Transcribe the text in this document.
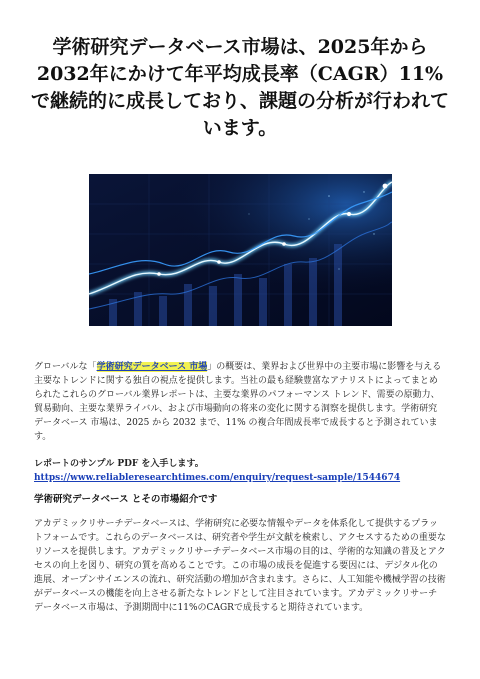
学術研究データベース市場は、2025年から2032年にかけて年平均成長率（CAGR）11%で継続的に成長しており、課題の分析が行われています。
グローバルな「学術研究データベース 市場」の概要は、業界および世界中の主要市場に影響を与える主要なトレンドに関する独自の視点を提供します。当社の最も経験豊富なアナリストによってまとめられたこれらのグローバル業界レポートは、主要な業界のパフォーマンス トレンド、需要の原動力、貿易動向、主要な業界ライバル、および市場動向の将来の変化に関する洞察を提供します。学術研究データベース 市場は、2025 から 2032 まで、11% の複合年間成長率で成長すると予測されています。
レポートのサンプル PDF を入手します。 https://www.reliableresearchtimes.com/enquiry/request-sample/1544674
学術研究データベース とその市場紹介です
アカデミックリサーチデータベースは、学術研究に必要な情報やデータを体系化して提供するプラットフォームです。これらのデータベースは、研究者や学生が文献を検索し、アクセスするための重要なリソースを提供します。アカデミックリサーチデータベース市場の目的は、学術的な知識の普及とアクセスの向上を図り、研究の質を高めることです。この市場の成長を促進する要因には、デジタル化の進展、オープンサイエンスの流れ、研究活動の増加が含まれます。さらに、人工知能や機械学習の技術がデータベースの機能を向上させる新たなトレンドとして注目されています。アカデミックリサーチデータベース市場は、予測期間中に11%のCAGRで成長すると期待されています。
